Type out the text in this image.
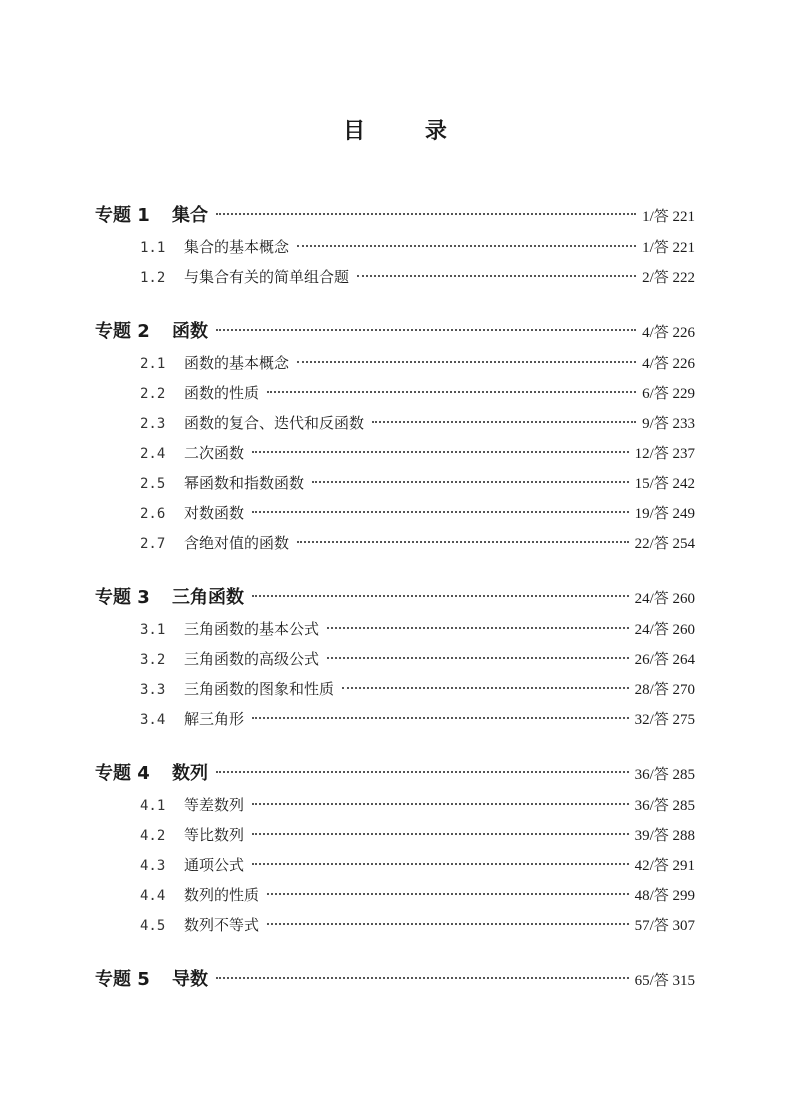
目 录
专题 1	集合	1/答 221
1.1	集合的基本概念	1/答 221
1.2	与集合有关的简单组合题	2/答 222
专题 2	函数	4/答 226
2.1	函数的基本概念	4/答 226
2.2	函数的性质	6/答 229
2.3	函数的复合、迭代和反函数	9/答 233
2.4	二次函数	12/答 237
2.5	幂函数和指数函数	15/答 242
2.6	对数函数	19/答 249
2.7	含绝对值的函数	22/答 254
专题 3	三角函数	24/答 260
3.1	三角函数的基本公式	24/答 260
3.2	三角函数的高级公式	26/答 264
3.3	三角函数的图象和性质	28/答 270
3.4	解三角形	32/答 275
专题 4	数列	36/答 285
4.1	等差数列	36/答 285
4.2	等比数列	39/答 288
4.3	通项公式	42/答 291
4.4	数列的性质	48/答 299
4.5	数列不等式	57/答 307
专题 5	导数	65/答 315
